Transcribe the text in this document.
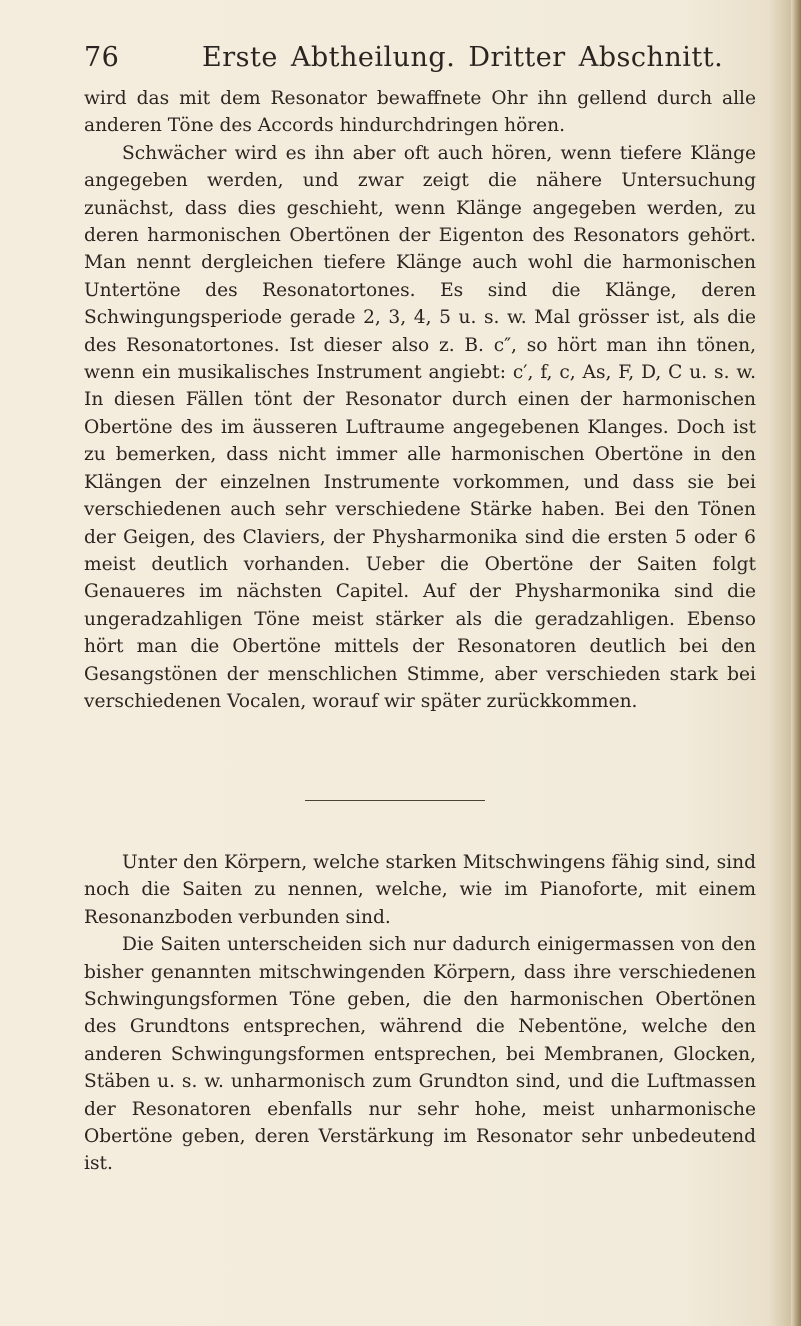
76	Erste Abtheilung. Dritter Abschnitt.

wird das mit dem Resonator bewaffnete Ohr ihn gellend durch alle anderen Töne des Accords hindurchdringen hören.

Schwächer wird es ihn aber oft auch hören, wenn tiefere Klänge angegeben werden, und zwar zeigt die nähere Untersuchung zunächst, dass dies geschieht, wenn Klänge angegeben werden, zu deren harmonischen Obertönen der Eigenton des Resonators gehört. Man nennt dergleichen tiefere Klänge auch wohl die harmonischen Untertöne des Resonatortones. Es sind die Klänge, deren Schwingungsperiode gerade 2, 3, 4, 5 u. s. w. Mal grösser ist, als die des Resonatortones. Ist dieser also z. B. c″, so hört man ihn tönen, wenn ein musikalisches Instrument angiebt: c′, f, c, As, F, D, C u. s. w. In diesen Fällen tönt der Resonator durch einen der harmonischen Obertöne des im äusseren Luftraume angegebenen Klanges. Doch ist zu bemerken, dass nicht immer alle harmonischen Obertöne in den Klängen der einzelnen Instrumente vorkommen, und dass sie bei verschiedenen auch sehr verschiedene Stärke haben. Bei den Tönen der Geigen, des Claviers, der Physharmonika sind die ersten 5 oder 6 meist deutlich vorhanden. Ueber die Obertöne der Saiten folgt Genaueres im nächsten Capitel. Auf der Physharmonika sind die ungeradzahligen Töne meist stärker als die geradzahligen. Ebenso hört man die Obertöne mittels der Resonatoren deutlich bei den Gesangstönen der menschlichen Stimme, aber verschieden stark bei verschiedenen Vocalen, worauf wir später zurückkommen.

Unter den Körpern, welche starken Mitschwingens fähig sind, sind noch die Saiten zu nennen, welche, wie im Pianoforte, mit einem Resonanzboden verbunden sind.

Die Saiten unterscheiden sich nur dadurch einigermassen von den bisher genannten mitschwingenden Körpern, dass ihre verschiedenen Schwingungsformen Töne geben, die den harmonischen Obertönen des Grundtons entsprechen, während die Nebentöne, welche den anderen Schwingungsformen entsprechen, bei Membranen, Glocken, Stäben u. s. w. unharmonisch zum Grundton sind, und die Luftmassen der Resonatoren ebenfalls nur sehr hohe, meist unharmonische Obertöne geben, deren Verstärkung im Resonator sehr unbedeutend ist.
